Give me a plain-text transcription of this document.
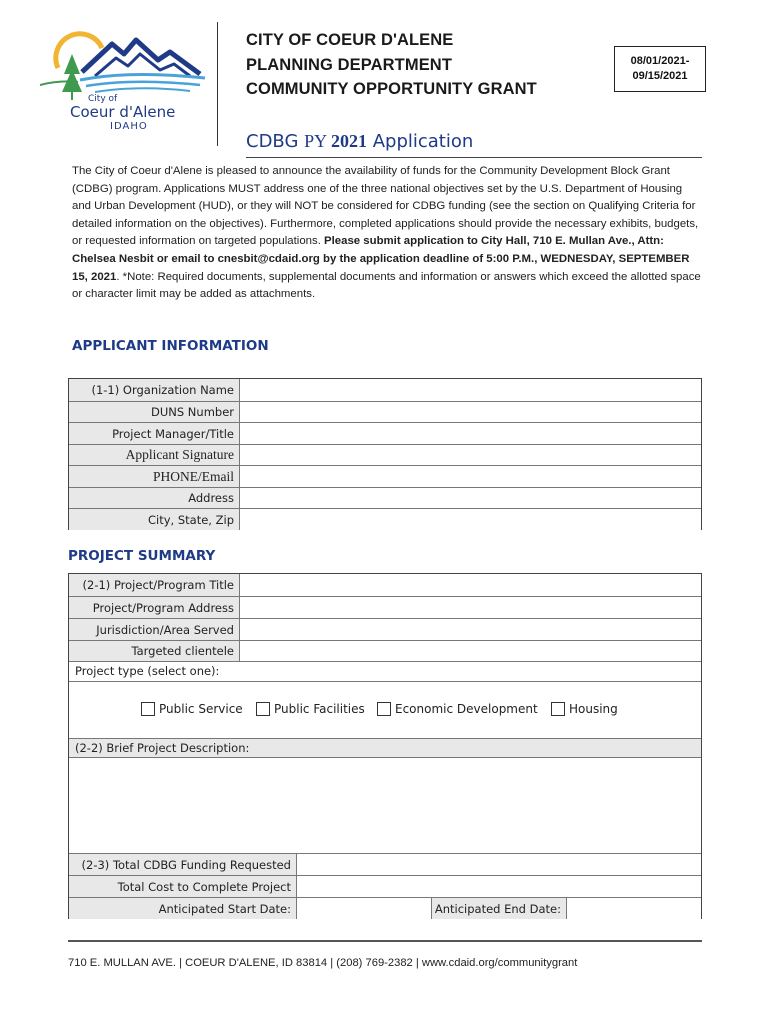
City of
Coeur d'Alene
IDAHO
CITY OF COEUR D'ALENE
PLANNING DEPARTMENT
COMMUNITY OPPORTUNITY GRANT
08/01/2021-
09/15/2021
CDBG PY 2021 Application
The City of Coeur d'Alene is pleased to announce the availability of funds for the Community Development Block Grant (CDBG) program. Applications MUST address one of the three national objectives set by the U.S. Department of Housing and Urban Development (HUD), or they will NOT be considered for CDBG funding (see the section on Qualifying Criteria for detailed information on the objectives). Furthermore, completed applications should provide the necessary exhibits, budgets, or requested information on targeted populations. Please submit application to City Hall, 710 E. Mullan Ave., Attn: Chelsea Nesbit or email to cnesbit@cdaid.org by the application deadline of 5:00 P.M., WEDNESDAY, SEPTEMBER 15, 2021. *Note: Required documents, supplemental documents and information or answers which exceed the allotted space or character limit may be added as attachments.
APPLICANT INFORMATION
(1-1) Organization Name
DUNS Number
Project Manager/Title
Applicant Signature
PHONE/Email
Address
City, State, Zip
PROJECT SUMMARY
(2-1) Project/Program Title
Project/Program Address
Jurisdiction/Area Served
Targeted clientele
Project type (select one):
Public Service	Public Facilities	Economic Development	Housing
(2-2) Brief Project Description:
(2-3) Total CDBG Funding Requested
Total Cost to Complete Project
Anticipated Start Date:	Anticipated End Date:
710 E. MULLAN AVE. | COEUR D'ALENE, ID 83814 | (208) 769-2382 | www.cdaid.org/communitygrant
